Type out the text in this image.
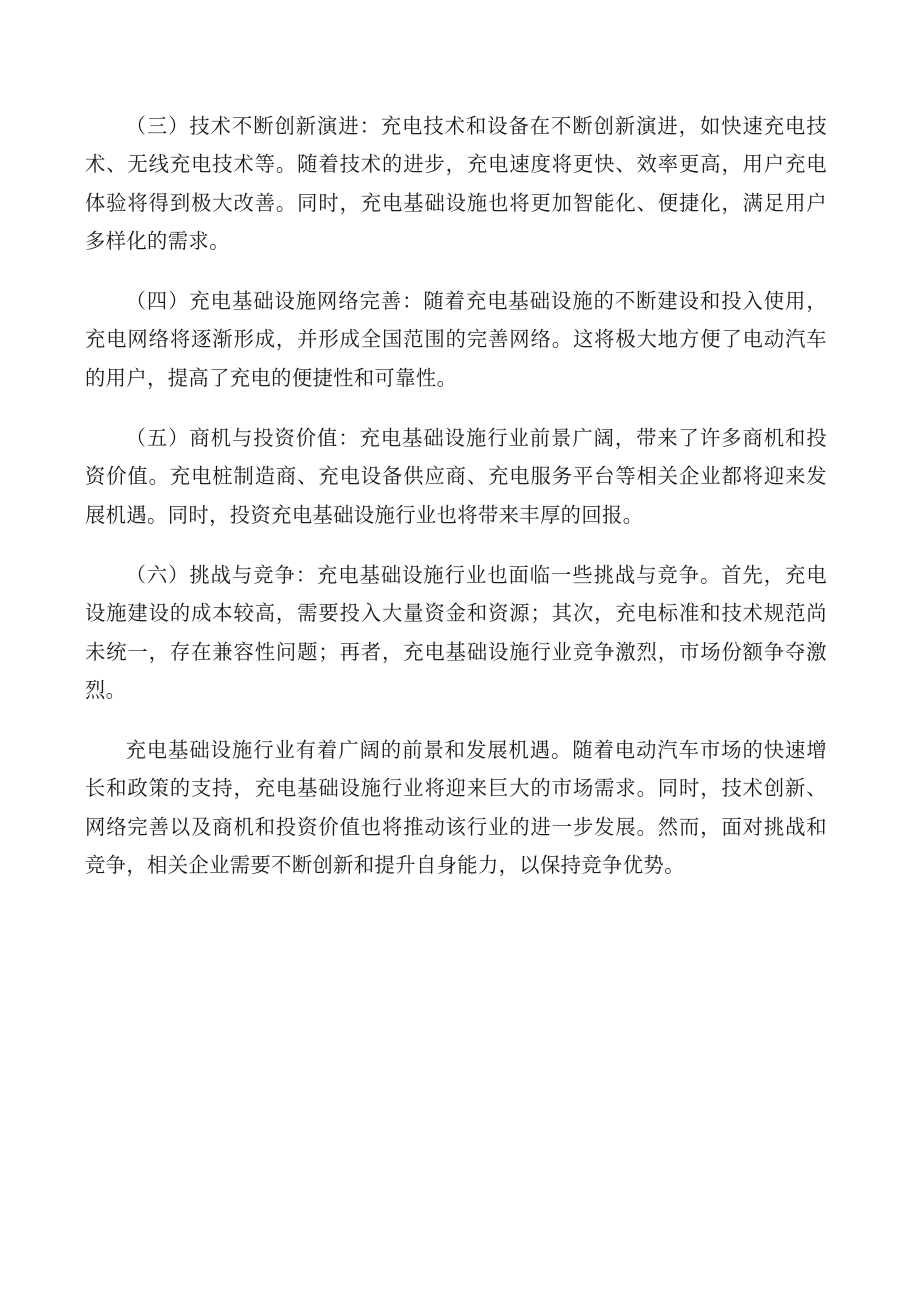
（三）技术不断创新演进：充电技术和设备在不断创新演进，如快速充电技术、无线充电技术等。随着技术的进步，充电速度将更快、效率更高，用户充电体验将得到极大改善。同时，充电基础设施也将更加智能化、便捷化，满足用户多样化的需求。

（四）充电基础设施网络完善：随着充电基础设施的不断建设和投入使用，充电网络将逐渐形成，并形成全国范围的完善网络。这将极大地方便了电动汽车的用户，提高了充电的便捷性和可靠性。

（五）商机与投资价值：充电基础设施行业前景广阔，带来了许多商机和投资价值。充电桩制造商、充电设备供应商、充电服务平台等相关企业都将迎来发展机遇。同时，投资充电基础设施行业也将带来丰厚的回报。

（六）挑战与竞争：充电基础设施行业也面临一些挑战与竞争。首先，充电设施建设的成本较高，需要投入大量资金和资源；其次，充电标准和技术规范尚未统一，存在兼容性问题；再者，充电基础设施行业竞争激烈，市场份额争夺激烈。

充电基础设施行业有着广阔的前景和发展机遇。随着电动汽车市场的快速增长和政策的支持，充电基础设施行业将迎来巨大的市场需求。同时，技术创新、网络完善以及商机和投资价值也将推动该行业的进一步发展。然而，面对挑战和竞争，相关企业需要不断创新和提升自身能力，以保持竞争优势。
